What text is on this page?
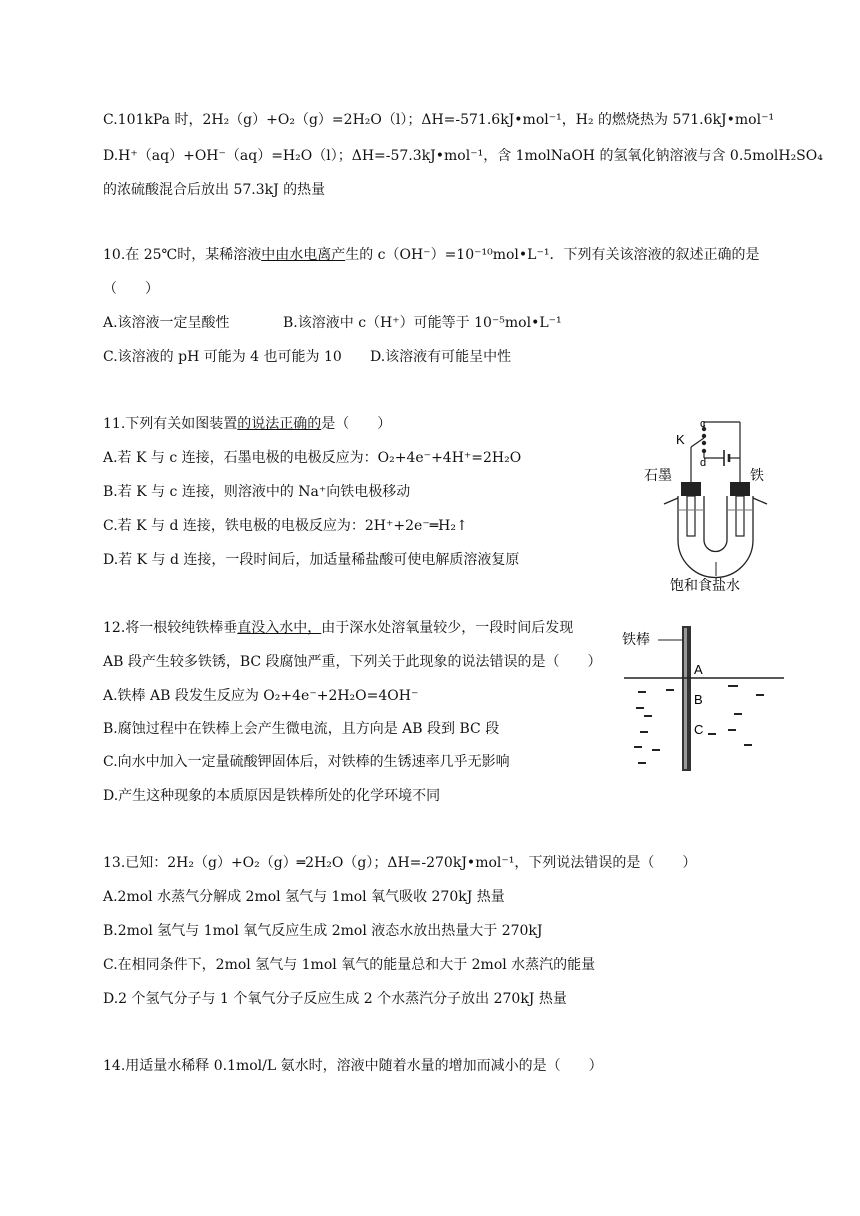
C.101kPa 时，2H₂（g）+O₂（g）=2H₂O（l）；ΔH=-571.6kJ•mol⁻¹，H₂ 的燃烧热为 571.6kJ•mol⁻¹
D.H⁺（aq）+OH⁻（aq）=H₂O（l）；ΔH=-57.3kJ•mol⁻¹，含 1molNaOH 的氢氧化钠溶液与含 0.5molH₂SO₄
的浓硫酸混合后放出 57.3kJ 的热量
10.在 25℃时，某稀溶液中由水电离产生的 c（OH⁻）=10⁻¹⁰mol•L⁻¹．下列有关该溶液的叙述正确的是
（　　）
A.该溶液一定呈酸性	B.该溶液中 c（H⁺）可能等于 10⁻⁵mol•L⁻¹
C.该溶液的 pH 可能为 4 也可能为 10 D.该溶液有可能呈中性
11.下列有关如图装置的说法正确的是（　　）
A.若 K 与 c 连接，石墨电极的电极反应为：O₂+4e⁻+4H⁺=2H₂O
B.若 K 与 c 连接，则溶液中的 Na⁺向铁电极移动
C.若 K 与 d 连接，铁电极的电极反应为：2H⁺+2e⁻═H₂↑
D.若 K 与 d 连接，一段时间后，加适量稀盐酸可使电解质溶液复原
K
c
d
石墨	铁
饱和食盐水
12.将一根较纯铁棒垂直没入水中，由于深水处溶氧量较少，一段时间后发现
AB 段产生较多铁锈，BC 段腐蚀严重，下列关于此现象的说法错误的是（　　）
A.铁棒 AB 段发生反应为 O₂+4e⁻+2H₂O=4OH⁻
B.腐蚀过程中在铁棒上会产生微电流，且方向是 AB 段到 BC 段
C.向水中加入一定量硫酸钾固体后，对铁棒的生锈速率几乎无影响
D.产生这种现象的本质原因是铁棒所处的化学环境不同
铁棒
A
B
C
13.已知：2H₂（g）+O₂（g）═2H₂O（g）；ΔH=-270kJ•mol⁻¹，下列说法错误的是（　　）
A.2mol 水蒸气分解成 2mol 氢气与 1mol 氧气吸收 270kJ 热量
B.2mol 氢气与 1mol 氧气反应生成 2mol 液态水放出热量大于 270kJ
C.在相同条件下，2mol 氢气与 1mol 氧气的能量总和大于 2mol 水蒸汽的能量
D.2 个氢气分子与 1 个氧气分子反应生成 2 个水蒸汽分子放出 270kJ 热量
14.用适量水稀释 0.1mol/L 氨水时，溶液中随着水量的增加而减小的是（　　）
